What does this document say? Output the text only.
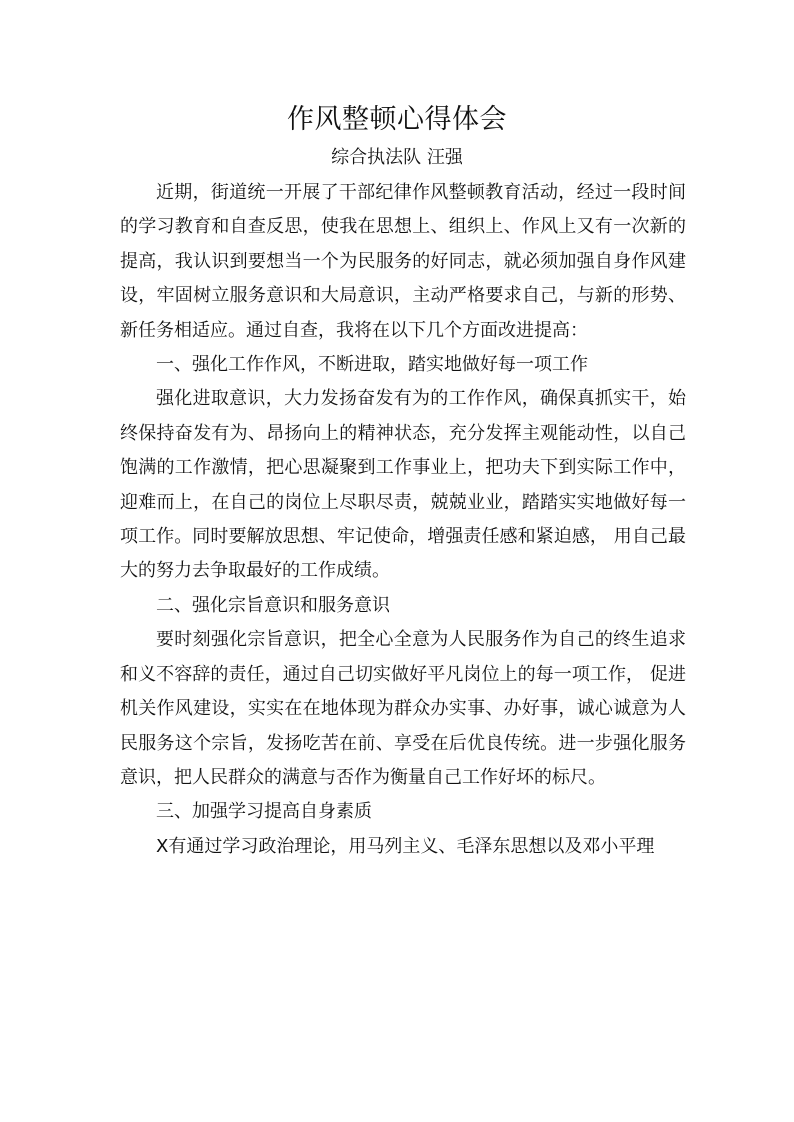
作风整顿心得体会
综合执法队 汪强

近期，街道统一开展了干部纪律作风整顿教育活动，经过一段时间的学习教育和自查反思，使我在思想上、组织上、作风上又有一次新的提高，我认识到要想当一个为民服务的好同志，就必须加强自身作风建设，牢固树立服务意识和大局意识，主动严格要求自己，与新的形势、新任务相适应。通过自查，我将在以下几个方面改进提高：

一、强化工作作风，不断进取，踏实地做好每一项工作

强化进取意识，大力发扬奋发有为的工作作风，确保真抓实干，始终保持奋发有为、昂扬向上的精神状态，充分发挥主观能动性，以自己饱满的工作激情，把心思凝聚到工作事业上，把功夫下到实际工作中，迎难而上，在自己的岗位上尽职尽责，兢兢业业，踏踏实实地做好每一项工作。同时要解放思想、牢记使命，增强责任感和紧迫感， 用自己最大的努力去争取最好的工作成绩。

二、强化宗旨意识和服务意识

要时刻强化宗旨意识，把全心全意为人民服务作为自己的终生追求和义不容辞的责任，通过自己切实做好平凡岗位上的每一项工作， 促进机关作风建设，实实在在地体现为群众办实事、办好事，诚心诚意为人民服务这个宗旨，发扬吃苦在前、享受在后优良传统。进一步强化服务意识，把人民群众的满意与否作为衡量自己工作好坏的标尺。

三、加强学习提高自身素质

X有通过学习政治理论，用马列主义、毛泽东思想以及邓小平理
